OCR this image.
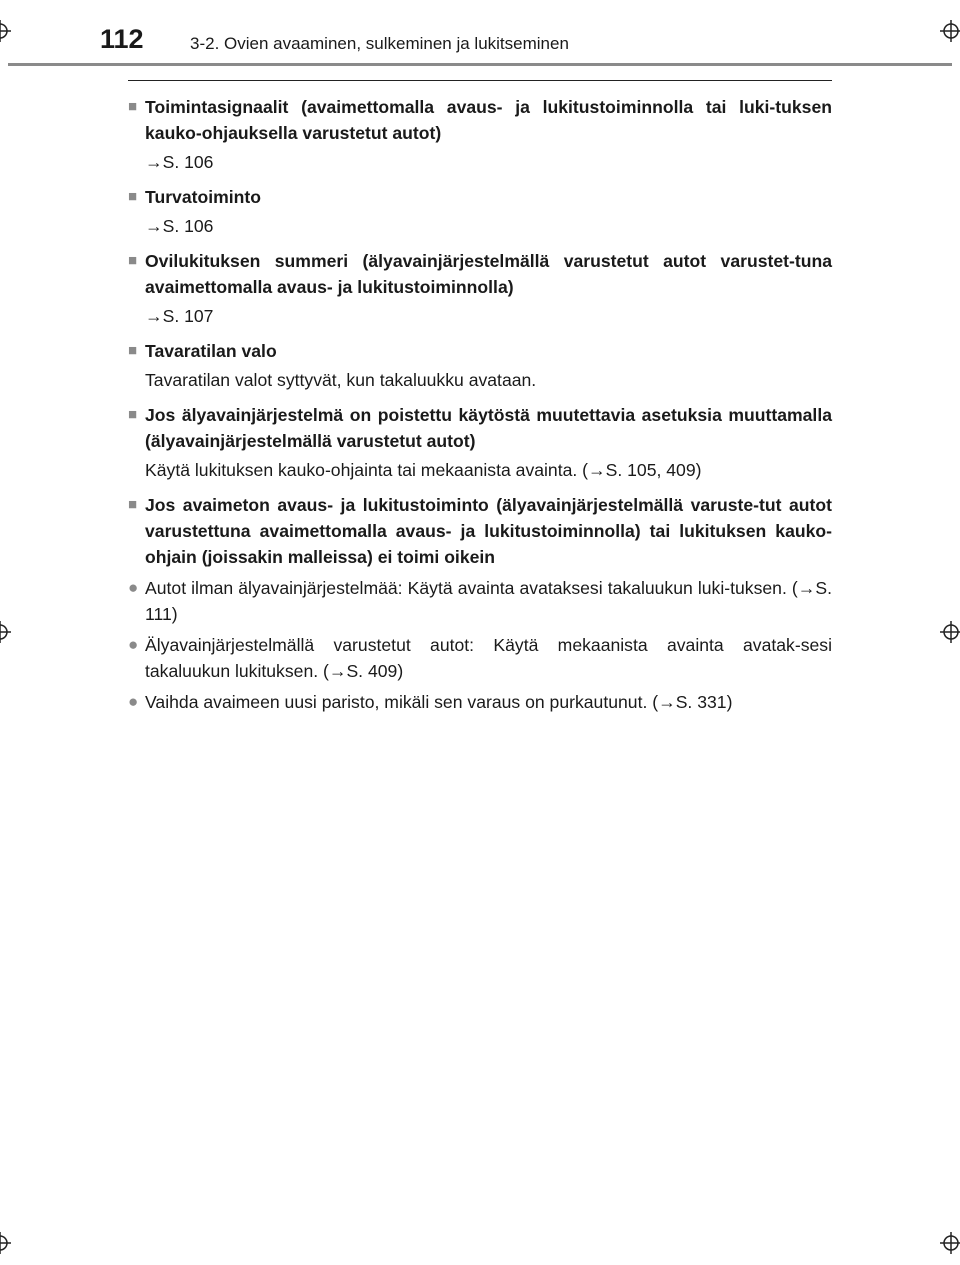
112	3-2. Ovien avaaminen, sulkeminen ja lukitseminen
■ Toimintasignaalit (avaimettomalla avaus- ja lukitustoiminnolla tai luki-tuksen kauko-ohjauksella varustetut autot)
→S. 106
■ Turvatoiminto
→S. 106
■ Ovilukituksen summeri (älyavainjärjestelmällä varustetut autot varustet-tuna avaimettomalla avaus- ja lukitustoiminnolla)
→S. 107
■ Tavaratilan valo
Tavaratilan valot syttyvät, kun takaluukku avataan.
■ Jos älyavainjärjestelmä on poistettu käytöstä muutettavia asetuksia muuttamalla (älyavainjärjestelmällä varustetut autot)
Käytä lukituksen kauko-ohjainta tai mekaanista avainta. (→S. 105, 409)
■ Jos avaimeton avaus- ja lukitustoiminto (älyavainjärjestelmällä varuste-tut autot varustettuna avaimettomalla avaus- ja lukitustoiminnolla) tai lukituksen kauko-ohjain (joissakin malleissa) ei toimi oikein
● Autot ilman älyavainjärjestelmää: Käytä avainta avataksesi takaluukun luki-tuksen. (→S. 111)
● Älyavainjärjestelmällä varustetut autot: Käytä mekaanista avainta avatak-sesi takaluukun lukituksen. (→S. 409)
● Vaihda avaimeen uusi paristo, mikäli sen varaus on purkautunut. (→S. 331)
